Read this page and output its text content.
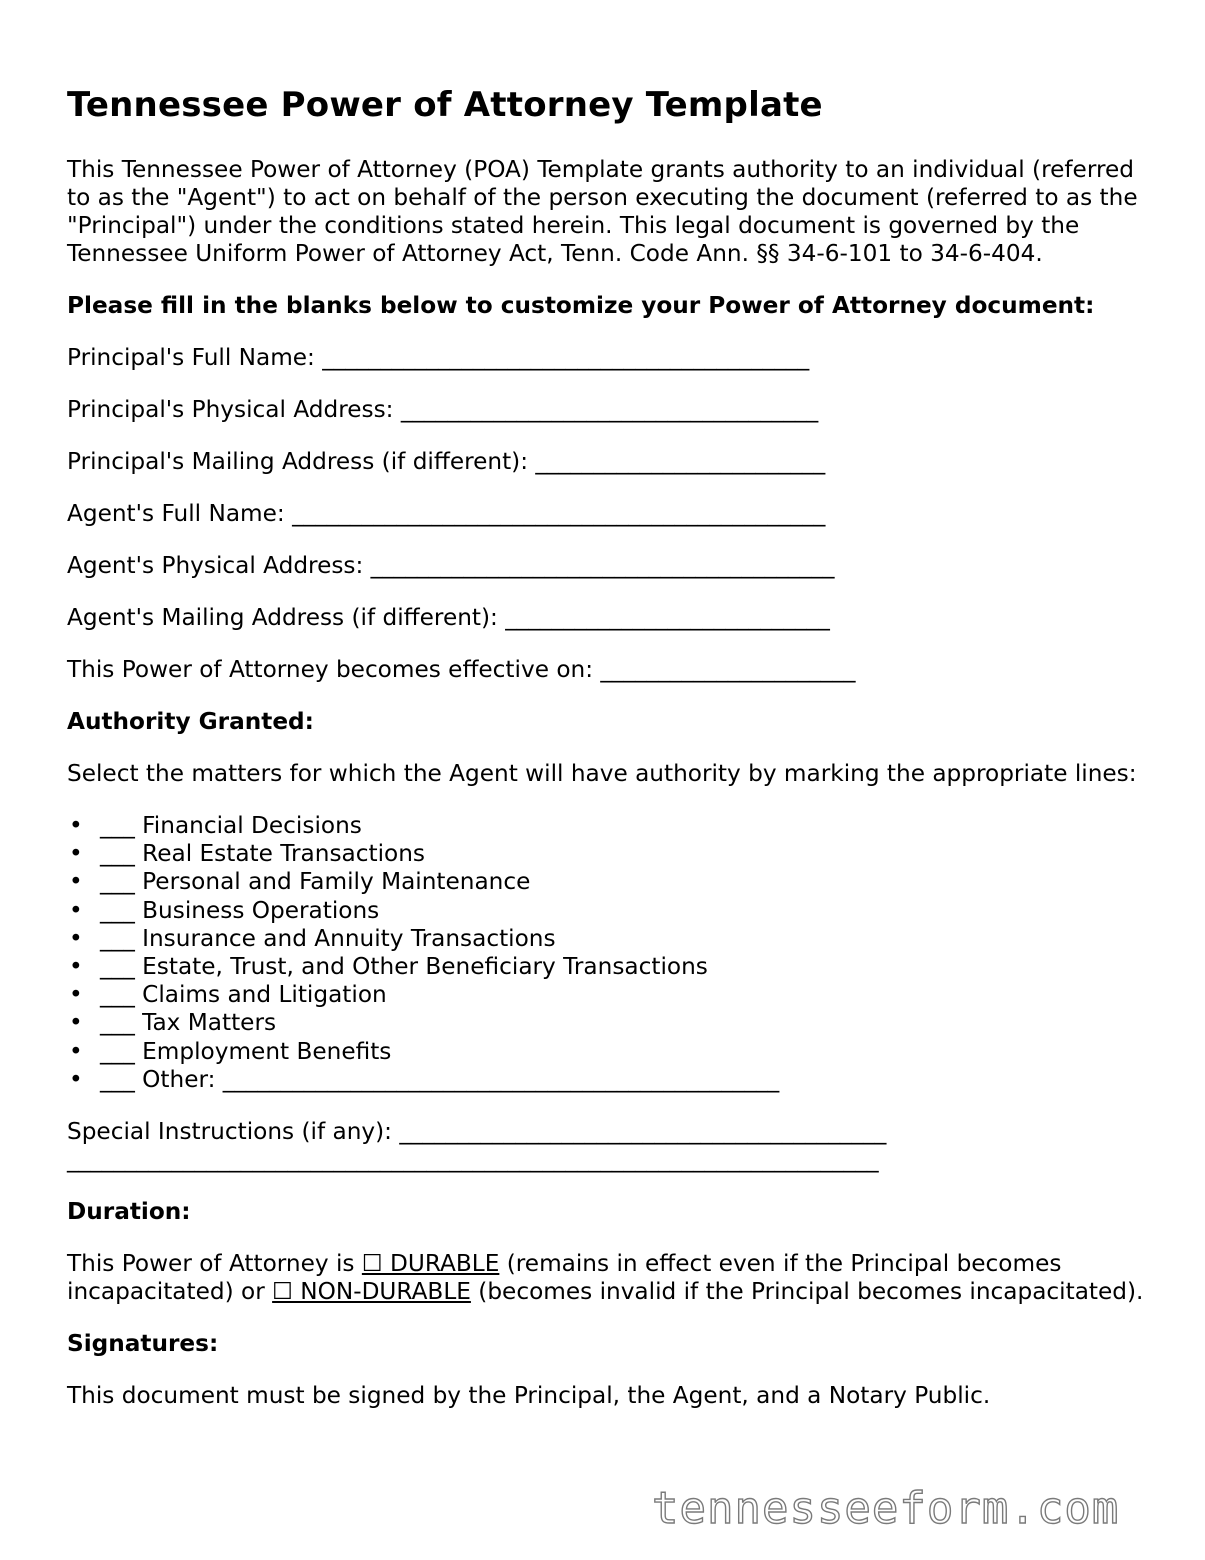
Tennessee Power of Attorney Template

This Tennessee Power of Attorney (POA) Template grants authority to an individual (referred to as the "Agent") to act on behalf of the person executing the document (referred to as the "Principal") under the conditions stated herein. This legal document is governed by the Tennessee Uniform Power of Attorney Act, Tenn. Code Ann. §§ 34-6-101 to 34-6-404.

Please fill in the blanks below to customize your Power of Attorney document:

Principal's Full Name: __________________________________________

Principal's Physical Address: ____________________________________

Principal's Mailing Address (if different): _________________________

Agent's Full Name: ______________________________________________

Agent's Physical Address: ________________________________________

Agent's Mailing Address (if different): ____________________________

This Power of Attorney becomes effective on: ______________________

Authority Granted:

Select the matters for which the Agent will have authority by marking the appropriate lines:

• ___ Financial Decisions
• ___ Real Estate Transactions
• ___ Personal and Family Maintenance
• ___ Business Operations
• ___ Insurance and Annuity Transactions
• ___ Estate, Trust, and Other Beneficiary Transactions
• ___ Claims and Litigation
• ___ Tax Matters
• ___ Employment Benefits
• ___ Other: ________________________________________________

Special Instructions (if any): __________________________________________
______________________________________________________________________

Duration:

This Power of Attorney is ☐ DURABLE (remains in effect even if the Principal becomes incapacitated) or ☐ NON-DURABLE (becomes invalid if the Principal becomes incapacitated).

Signatures:

This document must be signed by the Principal, the Agent, and a Notary Public.

tennesseeform.com
